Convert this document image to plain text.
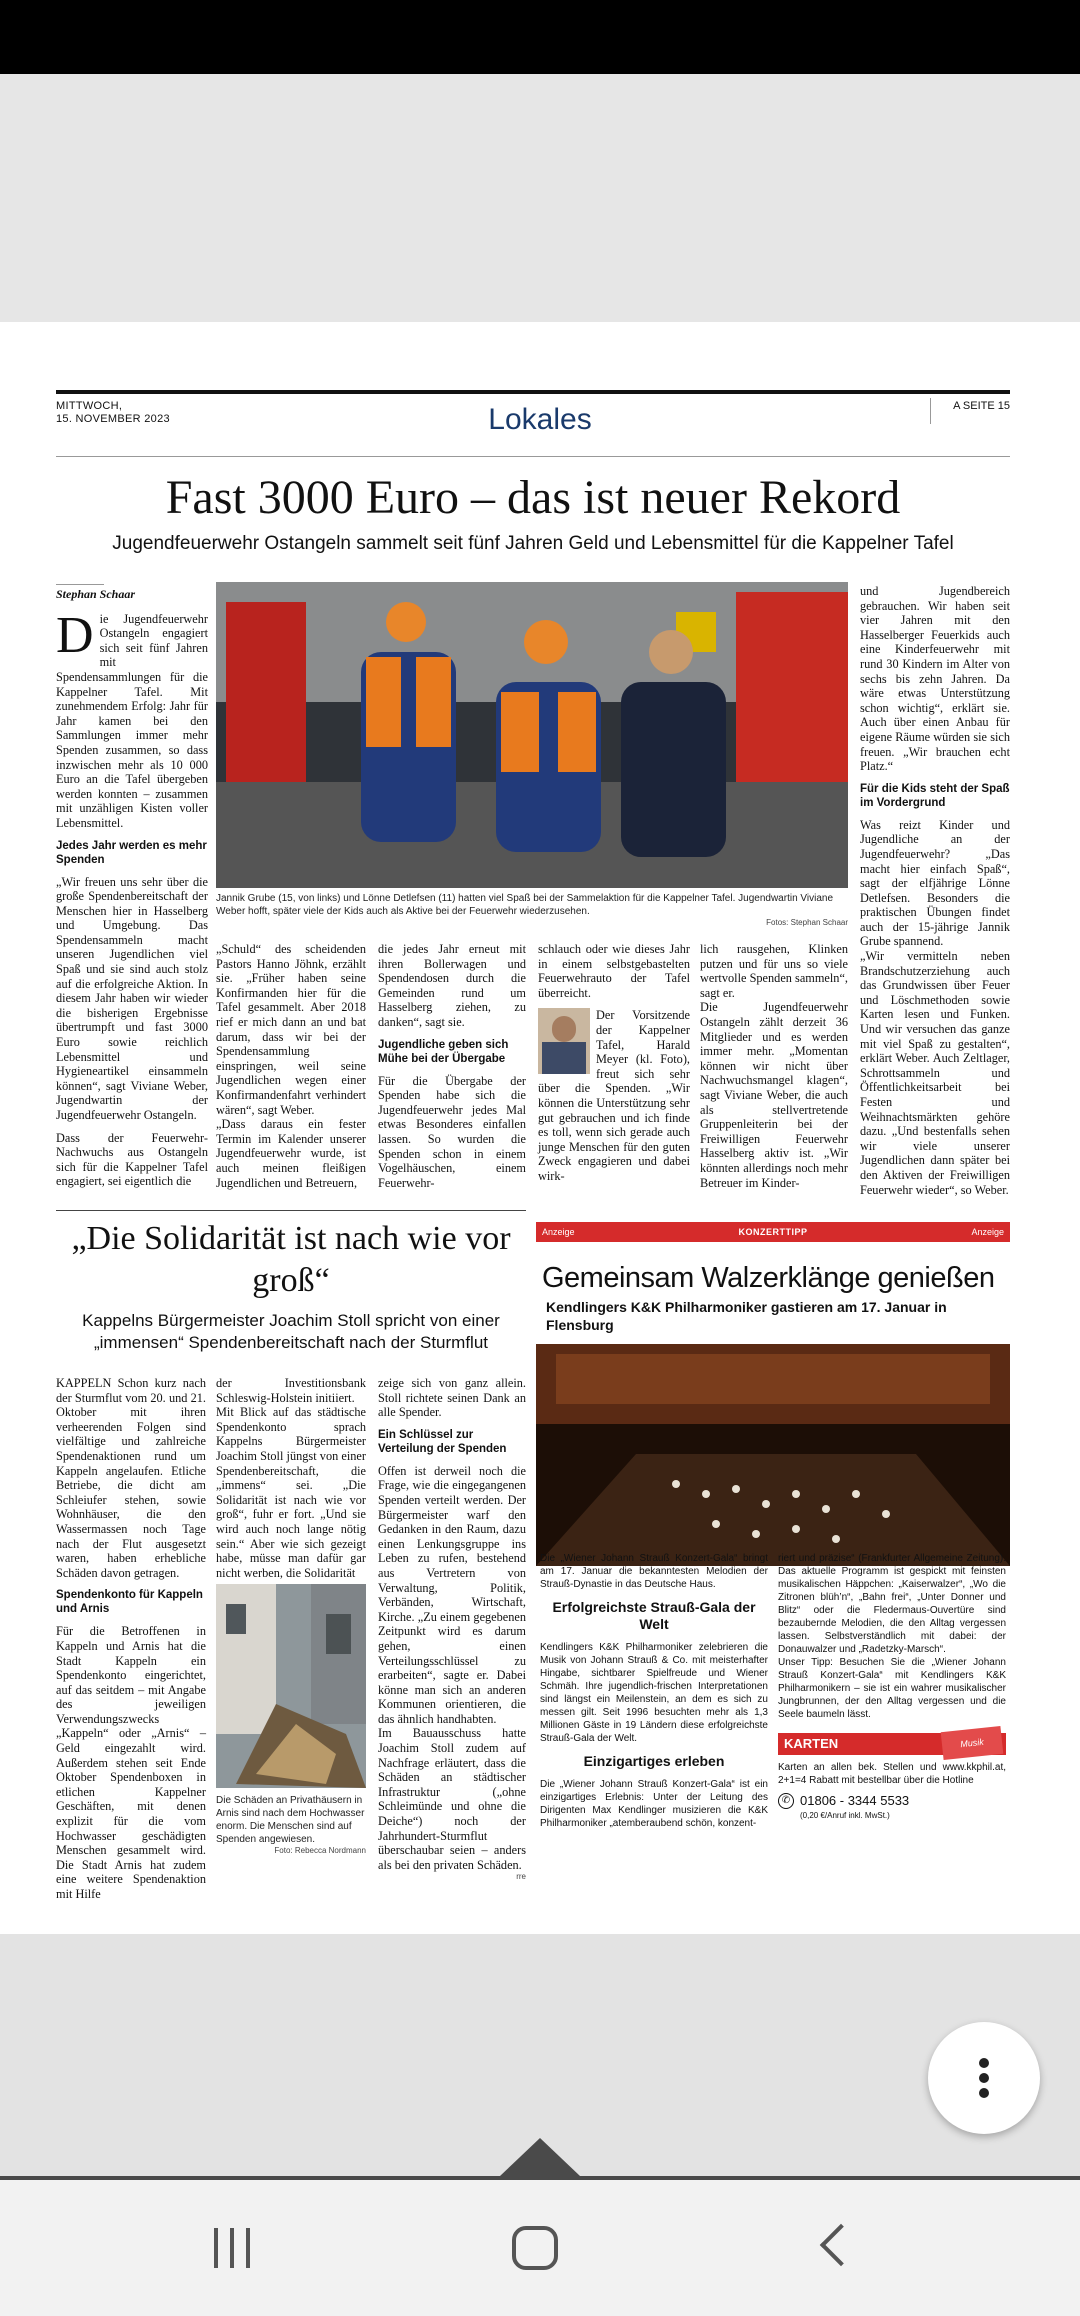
MITTWOCH,
15. NOVEMBER 2023	Lokales	A SEITE 15
Fast 3000 Euro – das ist neuer Rekord
Jugendfeuerwehr Ostangeln sammelt seit fünf Jahren Geld und Lebensmittel für die Kappelner Tafel
Stephan Schaar

Die Jugendfeuerwehr Ostangeln engagiert sich seit fünf Jahren mit Spendensammlungen für die Kappelner Tafel. Mit zunehmendem Erfolg: Jahr für Jahr kamen bei den Sammlungen immer mehr Spenden zusammen, so dass inzwischen mehr als 10 000 Euro an die Tafel übergeben werden konnten – zusammen mit unzähligen Kisten voller Lebensmittel.

Jedes Jahr werden es mehr Spenden

„Wir freuen uns sehr über die große Spendenbereitschaft der Menschen hier in Hasselberg und Umgebung. Das Spendensammeln macht unseren Jugendlichen viel Spaß und sie sind auch stolz auf die erfolgreiche Aktion. In diesem Jahr haben wir wieder die bisherigen Ergebnisse übertrumpft und fast 3000 Euro sowie reichlich Lebensmittel und Hygieneartikel einsammeln können“, sagt Viviane Weber, Jugendwartin der Jugendfeuerwehr Ostangeln.

Dass der Feuerwehr-Nachwuchs aus Ostangeln sich für die Kappelner Tafel engagiert, sei eigentlich die

Jannik Grube (15, von links) und Lönne Detlefsen (11) hatten viel Spaß bei der Sammelaktion für die Kappelner Tafel. Jugendwartin Viviane Weber hofft, später viele der Kids auch als Aktive bei der Feuerwehr wiederzusehen.
Fotos: Stephan Schaar
„Schuld“ des scheidenden Pastors Hanno Jöhnk, erzählt sie. „Früher haben seine Konfirmanden hier für die Tafel gesammelt. Aber 2018 rief er mich dann an und bat darum, dass wir bei der Spendensammlung einspringen, weil seine Jugendlichen wegen einer Konfirmandenfahrt verhindert wären“, sagt Weber.
„Dass daraus ein fester Termin im Kalender unserer Jugendfeuerwehr wurde, ist auch meinen fleißigen Jugendlichen und Betreuern,

die jedes Jahr erneut mit ihren Bollerwagen und Spendendosen durch die Gemeinden rund um Hasselberg ziehen, zu danken“, sagt sie.

Jugendliche geben sich Mühe bei der Übergabe

Für die Übergabe der Spenden habe sich die Jugendfeuerwehr jedes Mal etwas Besonderes einfallen lassen. So wurden die Spenden schon in einem Vogelhäuschen, einem Feuerwehr-

schlauch oder wie dieses Jahr in einem selbstgebastelten Feuerwehrauto der Tafel überreicht.

Der Vorsitzende der Kappelner Tafel, Harald Meyer (kl. Foto), freut sich sehr über die Spenden. „Wir können die Unterstützung sehr gut gebrauchen und ich finde es toll, wenn sich gerade auch junge Menschen für den guten Zweck engagieren und dabei wirk-

lich rausgehen, Klinken putzen und für uns so viele wertvolle Spenden sammeln“, sagt er.
Die Jugendfeuerwehr Ostangeln zählt derzeit 36 Mitglieder und es werden immer mehr. „Momentan können wir nicht über Nachwuchsmangel klagen“, sagt Viviane Weber, die auch als stellvertretende Gruppenleiterin bei der Freiwilligen Feuerwehr Hasselberg aktiv ist. „Wir könnten allerdings noch mehr Betreuer im Kinder-

und Jugendbereich gebrauchen. Wir haben seit vier Jahren mit den Hasselberger Feuerkids auch eine Kinderfeuerwehr mit rund 30 Kindern im Alter von sechs bis zehn Jahren. Da wäre etwas Unterstützung schon wichtig“, erklärt sie. Auch über einen Anbau für eigene Räume würden sie sich freuen. „Wir brauchen echt Platz.“

Für die Kids steht der Spaß im Vordergrund

Was reizt Kinder und Jugendliche an der Jugendfeuerwehr? „Das macht hier einfach Spaß“, sagt der elfjährige Lönne Detlefsen. Besonders die praktischen Übungen findet auch der 15-jährige Jannik Grube spannend.
„Wir vermitteln neben Brandschutzerziehung auch das Grundwissen über Feuer und Löschmethoden sowie Karten lesen und Funken. Und wir versuchen das ganze mit viel Spaß zu gestalten“, erklärt Weber. Auch Zeltlager, Schrottsammeln und Öffentlichkeitsarbeit bei Festen und Weihnachtsmärkten gehöre dazu. „Und bestenfalls sehen wir viele unserer Jugendlichen dann später bei den Aktiven der Freiwilligen Feuerwehr wieder“, so Weber.

„Die Solidarität ist nach wie vor groß“
Kappelns Bürgermeister Joachim Stoll spricht von einer „immensen“ Spendenbereitschaft nach der Sturmflut

KAPPELN Schon kurz nach der Sturmflut vom 20. und 21. Oktober mit ihren verheerenden Folgen sind vielfältige und zahlreiche Spendenaktionen rund um Kappeln angelaufen. Etliche Betriebe, die dicht am Schleiufer stehen, sowie Wohnhäuser, die den Wassermassen noch Tage nach der Flut ausgesetzt waren, haben erhebliche Schäden davon getragen.

Spendenkonto für Kappeln und Arnis

Für die Betroffenen in Kappeln und Arnis hat die Stadt Kappeln ein Spendenkonto eingerichtet, auf das seitdem – mit Angabe des jeweiligen Verwendungszwecks „Kappeln“ oder „Arnis“ – Geld eingezahlt wird. Außerdem stehen seit Ende Oktober Spendenboxen in etlichen Kappelner Geschäften, mit denen explizit für die vom Hochwasser geschädigten Menschen gesammelt wird. Die Stadt Arnis hat zudem eine weitere Spendenaktion mit Hilfe

der Investitionsbank Schleswig-Holstein initiiert.
Mit Blick auf das städtische Spendenkonto sprach Kappelns Bürgermeister Joachim Stoll jüngst von einer Spendenbereitschaft, die „immens“ sei. „Die Solidarität ist nach wie vor groß“, fuhr er fort. „Und sie wird auch noch lange nötig sein.“ Aber wie sich gezeigt habe, müsse man dafür gar nicht werben, die Solidarität
Die Schäden an Privathäusern in Arnis sind nach dem Hochwasser enorm. Die Menschen sind auf Spenden angewiesen.
Foto: Rebecca Nordmann

zeige sich von ganz allein. Stoll richtete seinen Dank an alle Spender.

Ein Schlüssel zur Verteilung der Spenden

Offen ist derweil noch die Frage, wie die eingegangenen Spenden verteilt werden. Der Bürgermeister warf den Gedanken in den Raum, dazu einen Lenkungsgruppe ins Leben zu rufen, bestehend aus Vertretern von Verwaltung, Politik, Verbänden, Wirtschaft, Kirche. „Zu einem gegebenen Zeitpunkt wird es darum gehen, einen Verteilungsschlüssel zu erarbeiten“, sagte er. Dabei könne man sich an anderen Kommunen orientieren, die das ähnlich handhabten.
Im Bauausschuss hatte Joachim Stoll zudem auf Nachfrage erläutert, dass die Schäden an städtischer Infrastruktur („ohne Schleimünde und ohne die Deiche“) noch der Jahrhundert-Sturmflut überschaubar seien – anders als bei den privaten Schäden.

rre
Anzeige	KONZERTTIPP	Anzeige
Gemeinsam Walzerklänge genießen
Kendlingers K&K Philharmoniker gastieren am 17. Januar in Flensburg

Die „Wiener Johann Strauß Konzert-Gala“ bringt am 17. Januar die bekanntesten Melodien der Strauß-Dynastie in das Deutsche Haus.

Erfolgreichste Strauß-Gala der Welt

Kendlingers K&K Philharmoniker zelebrieren die Musik von Johann Strauß & Co. mit meisterhafter Hingabe, sichtbarer Spielfreude und Wiener Schmäh. Ihre jugendlich-frischen Interpretationen sind längst ein Meilenstein, an dem es sich zu messen gilt. Seit 1996 besuchten mehr als 1,3 Millionen Gäste in 19 Ländern diese erfolgreichste Strauß-Gala der Welt.

Einzigartiges erleben

Die „Wiener Johann Strauß Konzert-Gala“ ist ein einzigartiges Erlebnis: Unter der Leitung des Dirigenten Max Kendlinger musizieren die K&K Philharmoniker „atemberaubend schön, konzent-

riert und präzise“ (Frankfurter Allgemeine Zeitung). Das aktuelle Programm ist gespickt mit feinsten musikalischen Häppchen: „Kaiserwalzer“, „Wo die Zitronen blüh’n“, „Bahn frei“, „Unter Donner und Blitz“ oder die Fledermaus-Ouvertüre sind bezaubernde Melodien, die den Alltag vergessen lassen. Selbstverständlich mit dabei: der Donauwalzer und „Radetzky-Marsch“.
Unser Tipp: Besuchen Sie die „Wiener Johann Strauß Konzert-Gala“ mit Kendlingers K&K Philharmonikern – sie ist ein wahrer musikalischer Jungbrunnen, der den Alltag vergessen und die Seele baumeln lässt.

KARTEN	Musik

Karten an allen bek. Stellen und www.kkphil.at, 2+1=4 Rabatt mit bestellbar über die Hotline

✆ 01806 - 3344 5533
(0,20 €/Anruf inkl. MwSt.)
